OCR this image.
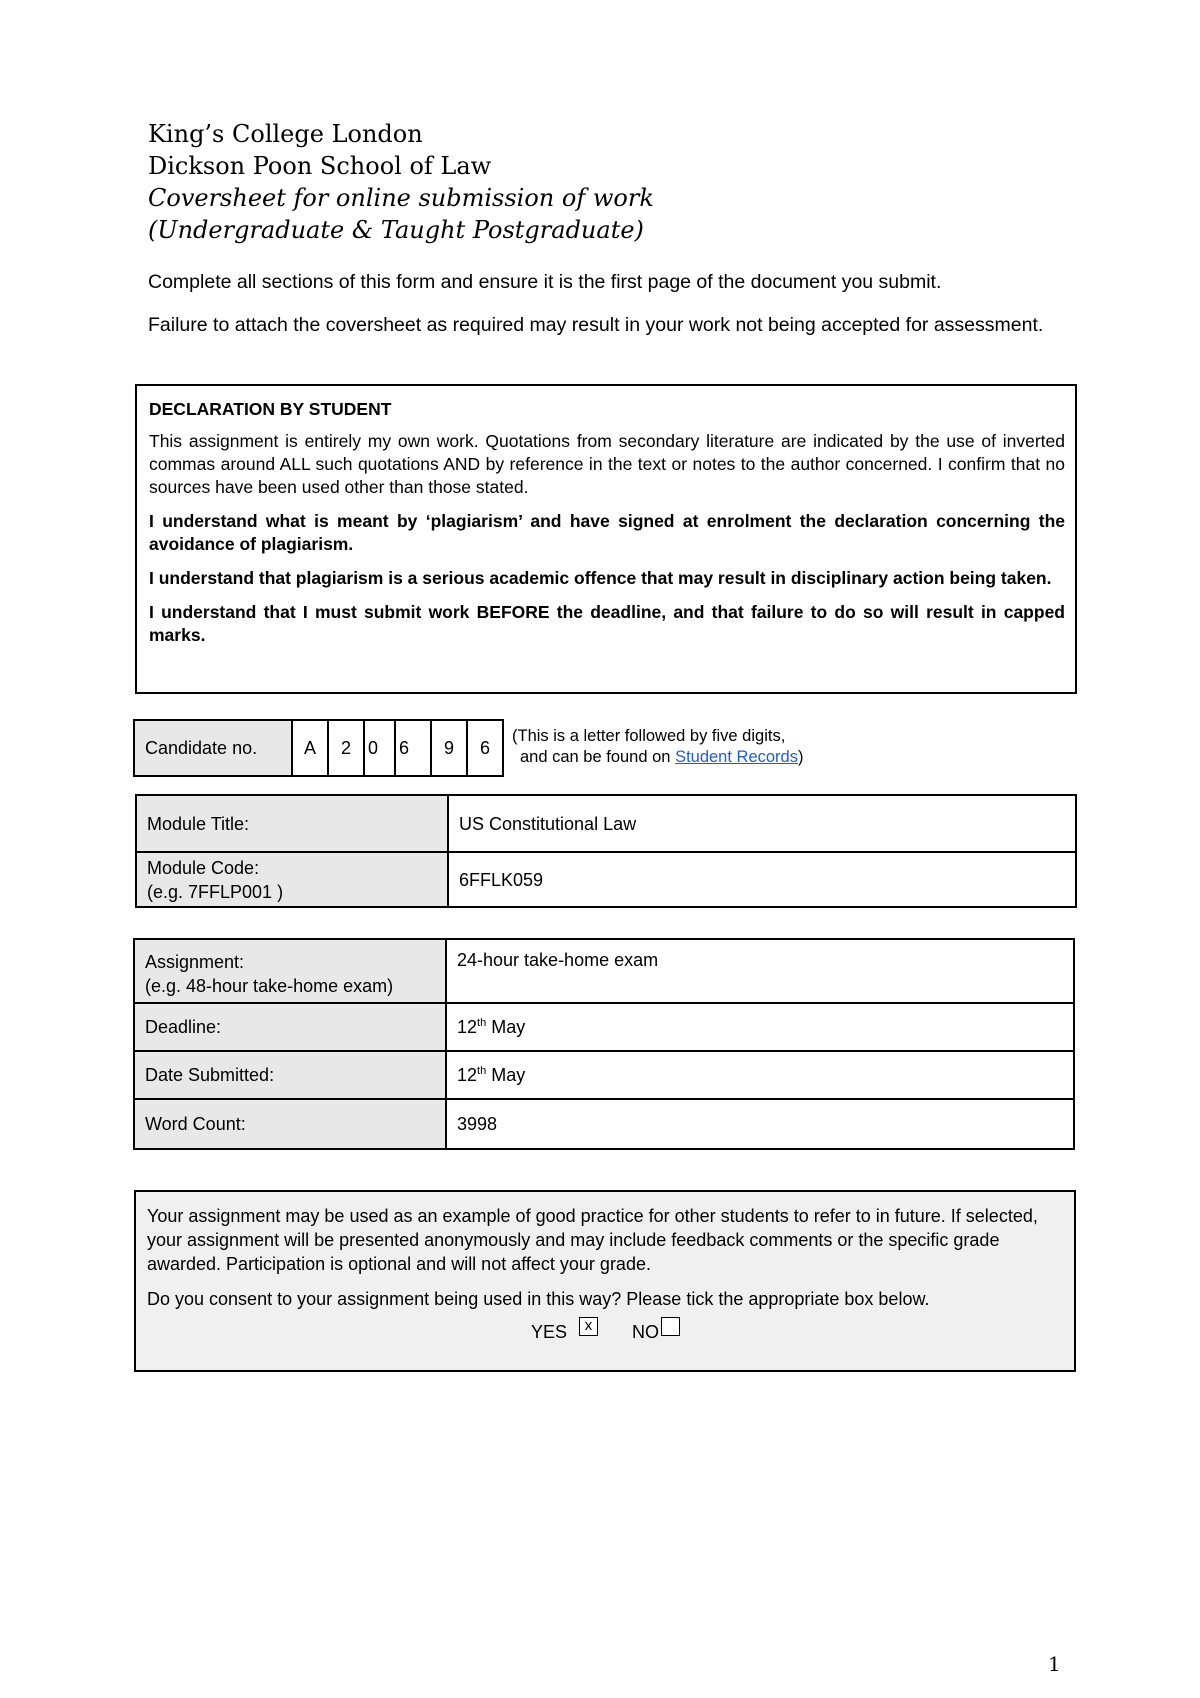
King’s College London
Dickson Poon School of Law
Coversheet for online submission of work
(Undergraduate & Taught Postgraduate)
Complete all sections of this form and ensure it is the first page of the document you submit.
Failure to attach the coversheet as required may result in your work not being accepted for assessment.

DECLARATION BY STUDENT

This assignment is entirely my own work. Quotations from secondary literature are indicated by the use of inverted commas around ALL such quotations AND by reference in the text or notes to the author concerned. I confirm that no sources have been used other than those stated.

I understand what is meant by ‘plagiarism’ and have signed at enrolment the declaration concerning the avoidance of plagiarism.

I understand that plagiarism is a serious academic offence that may result in disciplinary action being taken.

I understand that I must submit work BEFORE the deadline, and that failure to do so will result in capped marks.

Candidate no.	A	2	0	6	9	6
(This is a letter followed by five digits,
and can be found on Student Records)
Module Title:	US Constitutional Law

Module Code:
(e.g. 7FFLP001 )	6FFLK059
Assignment:
(e.g. 48-hour take-home exam)	24-hour take-home exam
Deadline:	12th May
Date Submitted:	12th May
Word Count:	3998

Your assignment may be used as an example of good practice for other students to refer to in future. If selected, your assignment will be presented anonymously and may include feedback comments or the specific grade awarded. Participation is optional and will not affect your grade.

Do you consent to your assignment being used in this way? Please tick the appropriate box below.

YES	x	NO
1
